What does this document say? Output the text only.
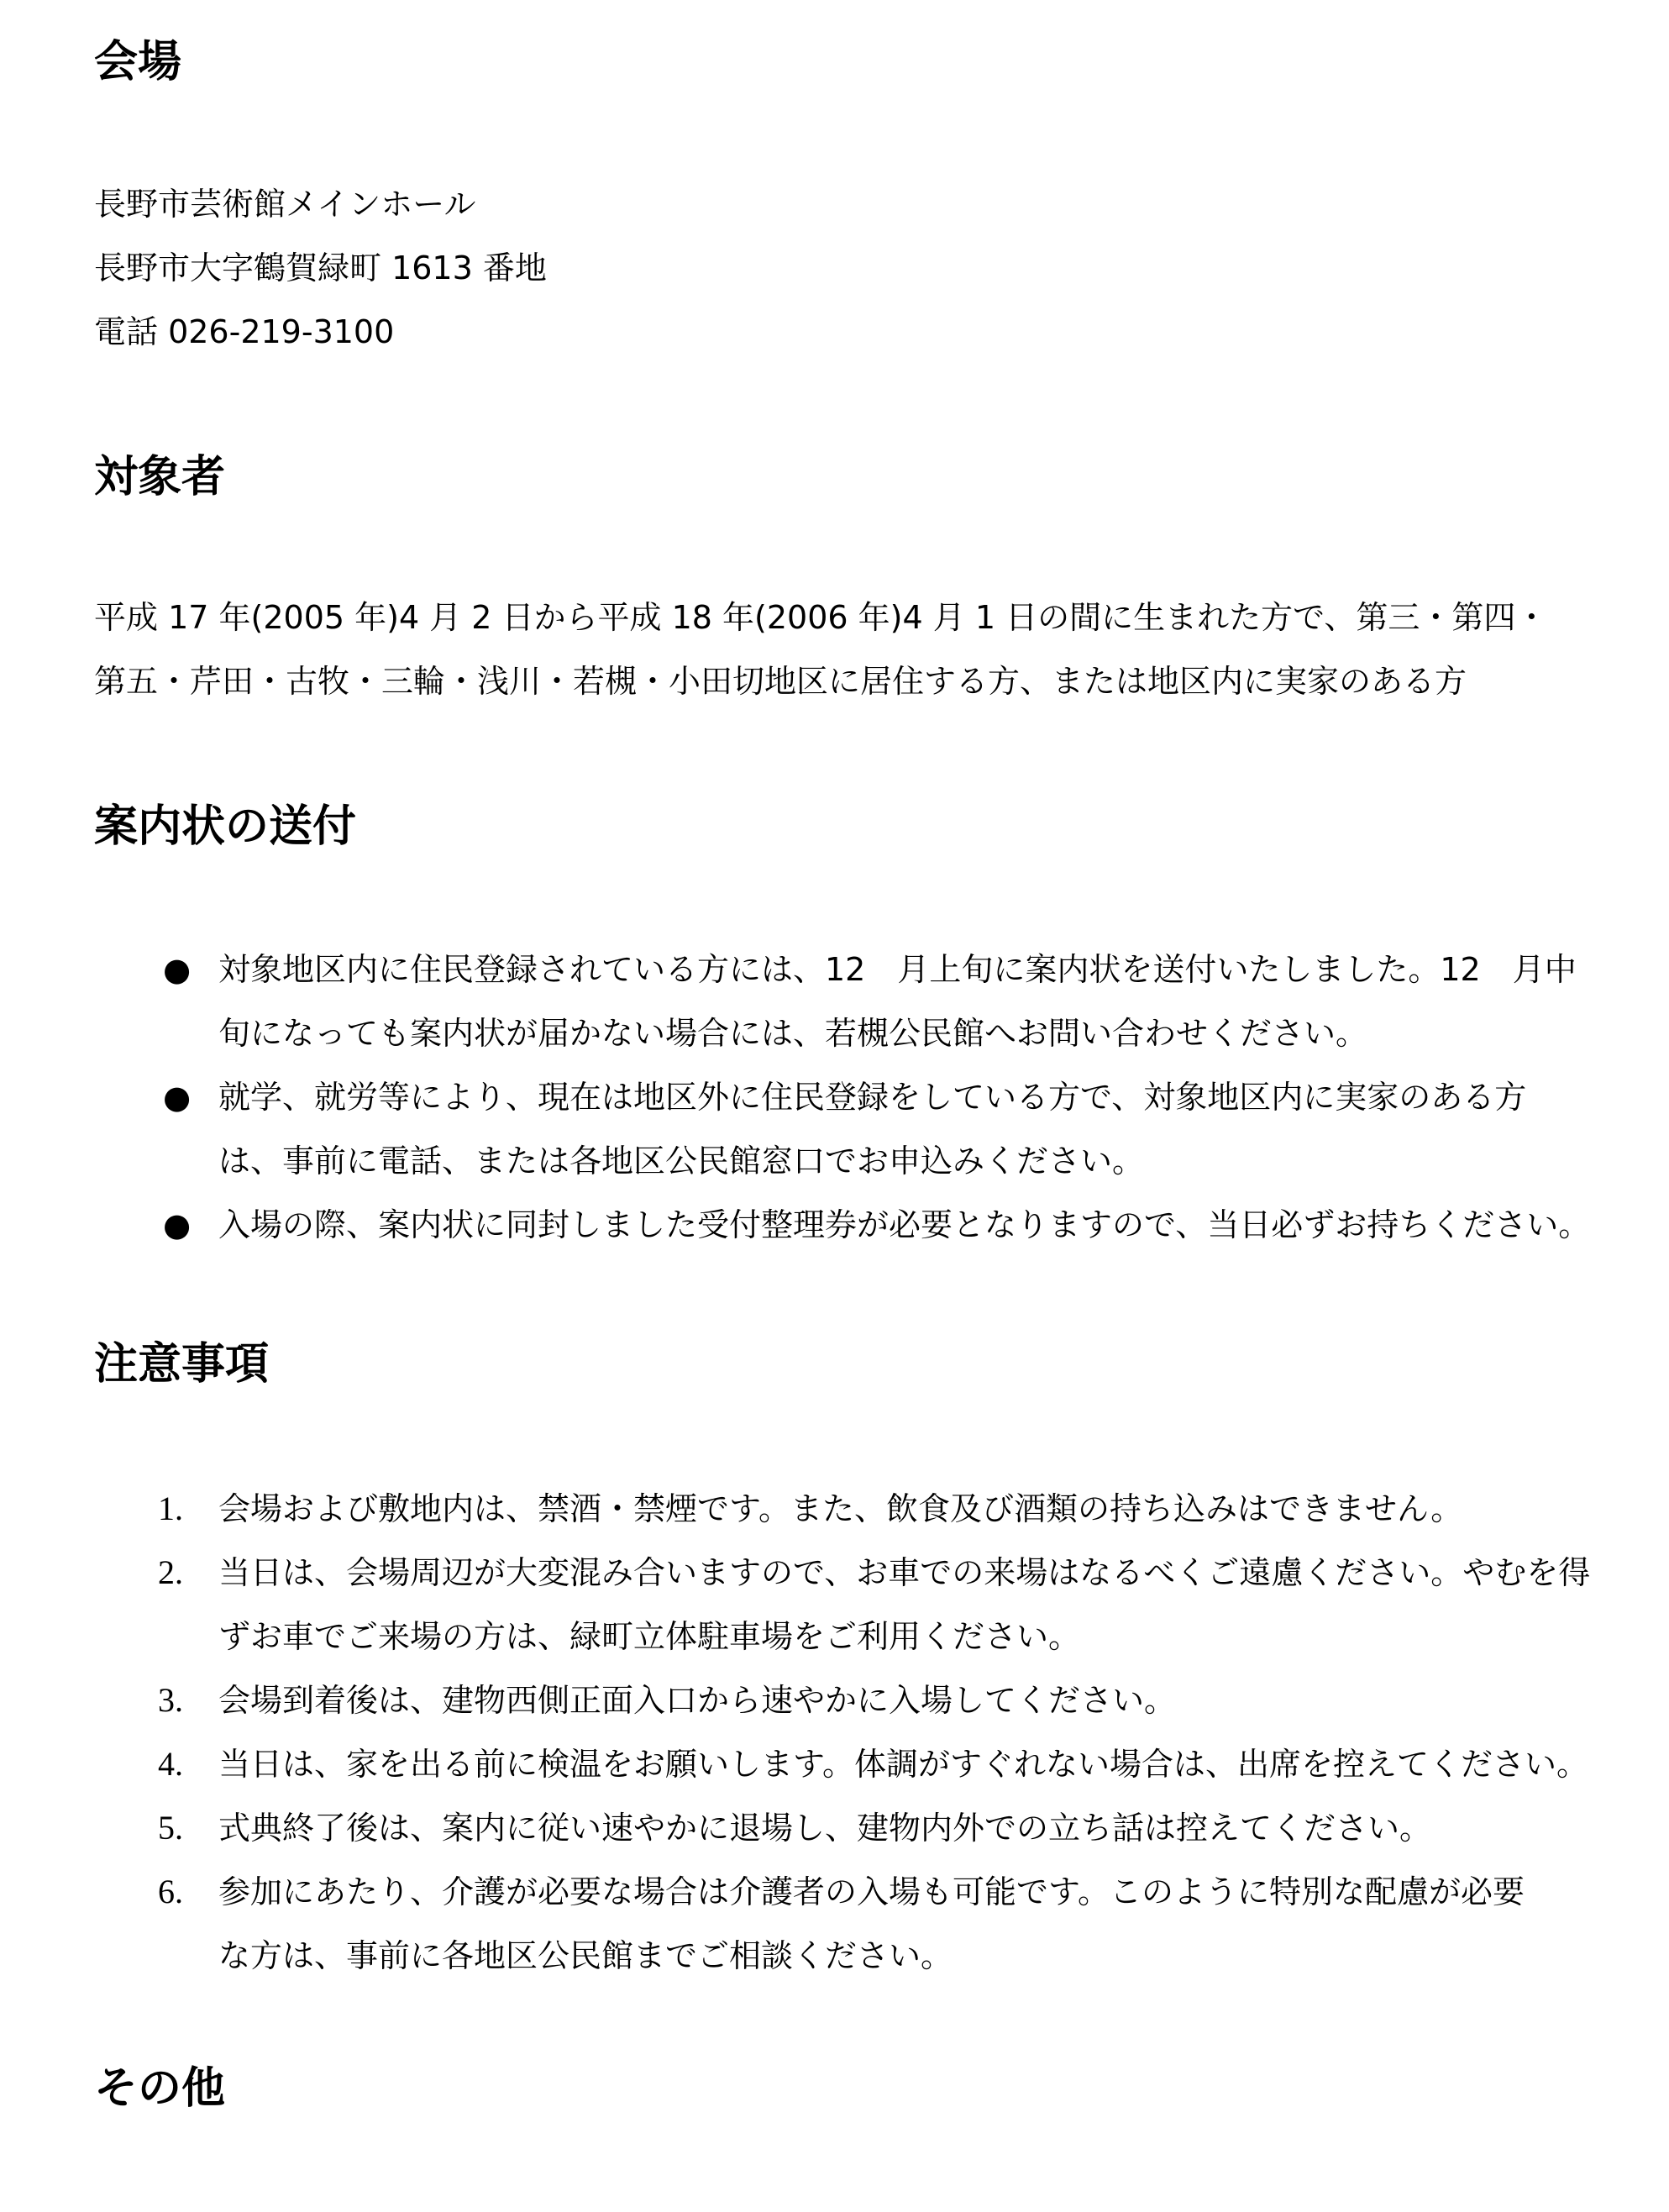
会場

長野市芸術館メインホール

長野市大字鶴賀緑町 1613 番地

電話 026-219-3100

対象者

平成 17 年(2005 年)4 月 2 日から平成 18 年(2006 年)4 月 1 日の間に生まれた方で、第三・第四・

第五・芹田・古牧・三輪・浅川・若槻・小田切地区に居住する方、または地区内に実家のある方

案内状の送付
● 対象地区内に住民登録されている方には、12　月上旬に案内状を送付いたしました。12　月中
旬になっても案内状が届かない場合には、若槻公民館へお問い合わせください。
● 就学、就労等により、現在は地区外に住民登録をしている方で、対象地区内に実家のある方
は、事前に電話、または各地区公民館窓口でお申込みください。
● 入場の際、案内状に同封しました受付整理券が必要となりますので、当日必ずお持ちください。
注意事項
1. 会場および敷地内は、禁酒・禁煙です。また、飲食及び酒類の持ち込みはできません。
2. 当日は、会場周辺が大変混み合いますので、お車での来場はなるべくご遠慮ください。やむを得
ずお車でご来場の方は、緑町立体駐車場をご利用ください。
3. 会場到着後は、建物西側正面入口から速やかに入場してください。
4. 当日は、家を出る前に検温をお願いします。体調がすぐれない場合は、出席を控えてください。
5. 式典終了後は、案内に従い速やかに退場し、建物内外での立ち話は控えてください。
6. 参加にあたり、介護が必要な場合は介護者の入場も可能です。このように特別な配慮が必要
な方は、事前に各地区公民館までご相談ください。
その他
